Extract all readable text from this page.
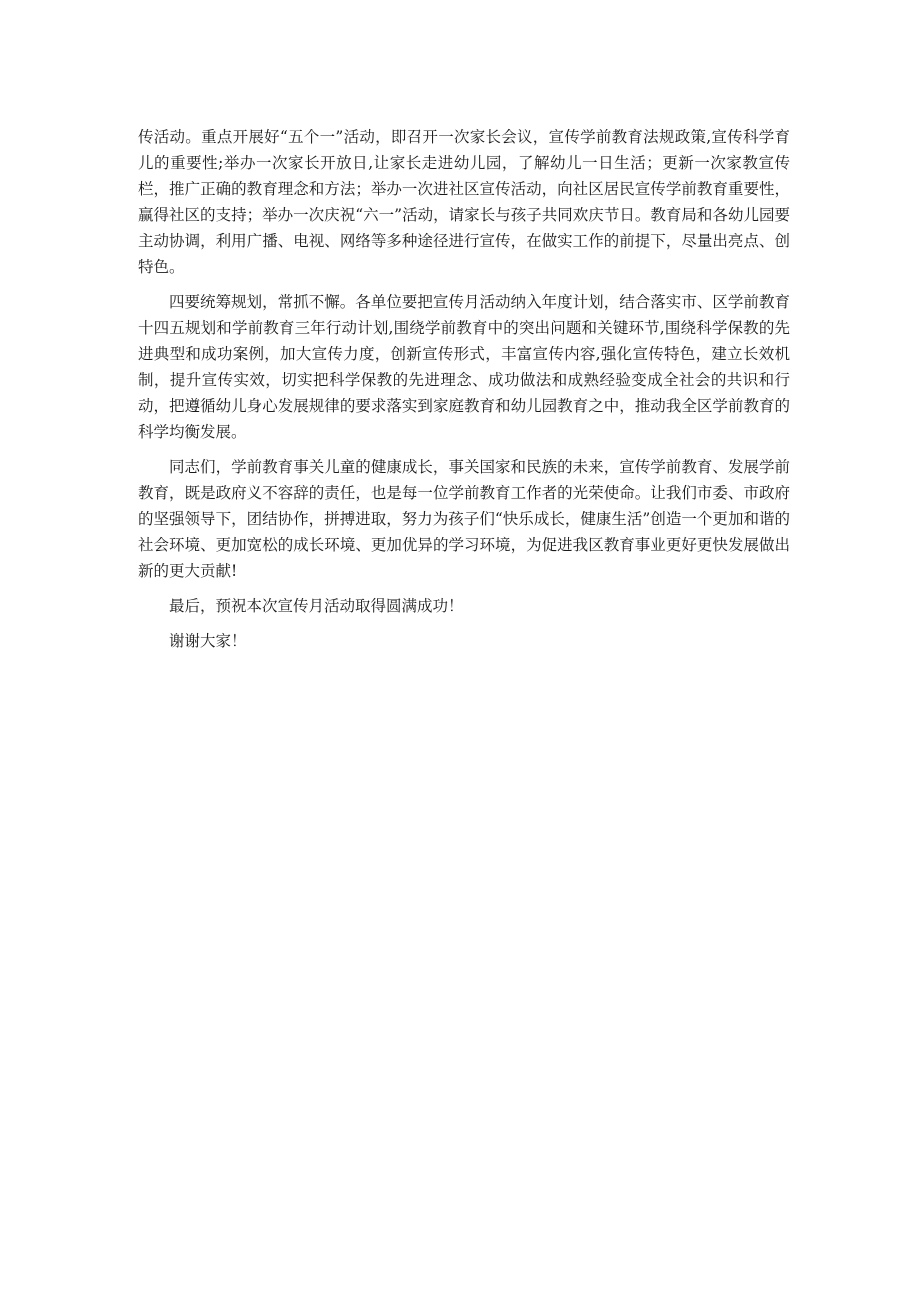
传活动。重点开展好“五个一”活动，即召开一次家长会议，宣传学前教育法规政策,宣传科学育儿的重要性;举办一次家长开放日,让家长走进幼儿园，了解幼儿一日生活；更新一次家教宣传栏，推广正确的教育理念和方法；举办一次进社区宣传活动，向社区居民宣传学前教育重要性，赢得社区的支持；举办一次庆祝“六一”活动，请家长与孩子共同欢庆节日。教育局和各幼儿园要主动协调，利用广播、电视、网络等多种途径进行宣传，在做实工作的前提下，尽量出亮点、创特色。

四要统筹规划，常抓不懈。各单位要把宣传月活动纳入年度计划，结合落实市、区学前教育十四五规划和学前教育三年行动计划,围绕学前教育中的突出问题和关键环节,围绕科学保教的先进典型和成功案例，加大宣传力度，创新宣传形式，丰富宣传内容,强化宣传特色，建立长效机制，提升宣传实效，切实把科学保教的先进理念、成功做法和成熟经验变成全社会的共识和行动，把遵循幼儿身心发展规律的要求落实到家庭教育和幼儿园教育之中，推动我全区学前教育的科学均衡发展。

同志们，学前教育事关儿童的健康成长，事关国家和民族的未来，宣传学前教育、发展学前教育，既是政府义不容辞的责任，也是每一位学前教育工作者的光荣使命。让我们市委、市政府的坚强领导下，团结协作，拼搏进取，努力为孩子们“快乐成长，健康生活”创造一个更加和谐的社会环境、更加宽松的成长环境、更加优异的学习环境，为促进我区教育事业更好更快发展做出新的更大贡献!

最后，预祝本次宣传月活动取得圆满成功！

谢谢大家！
